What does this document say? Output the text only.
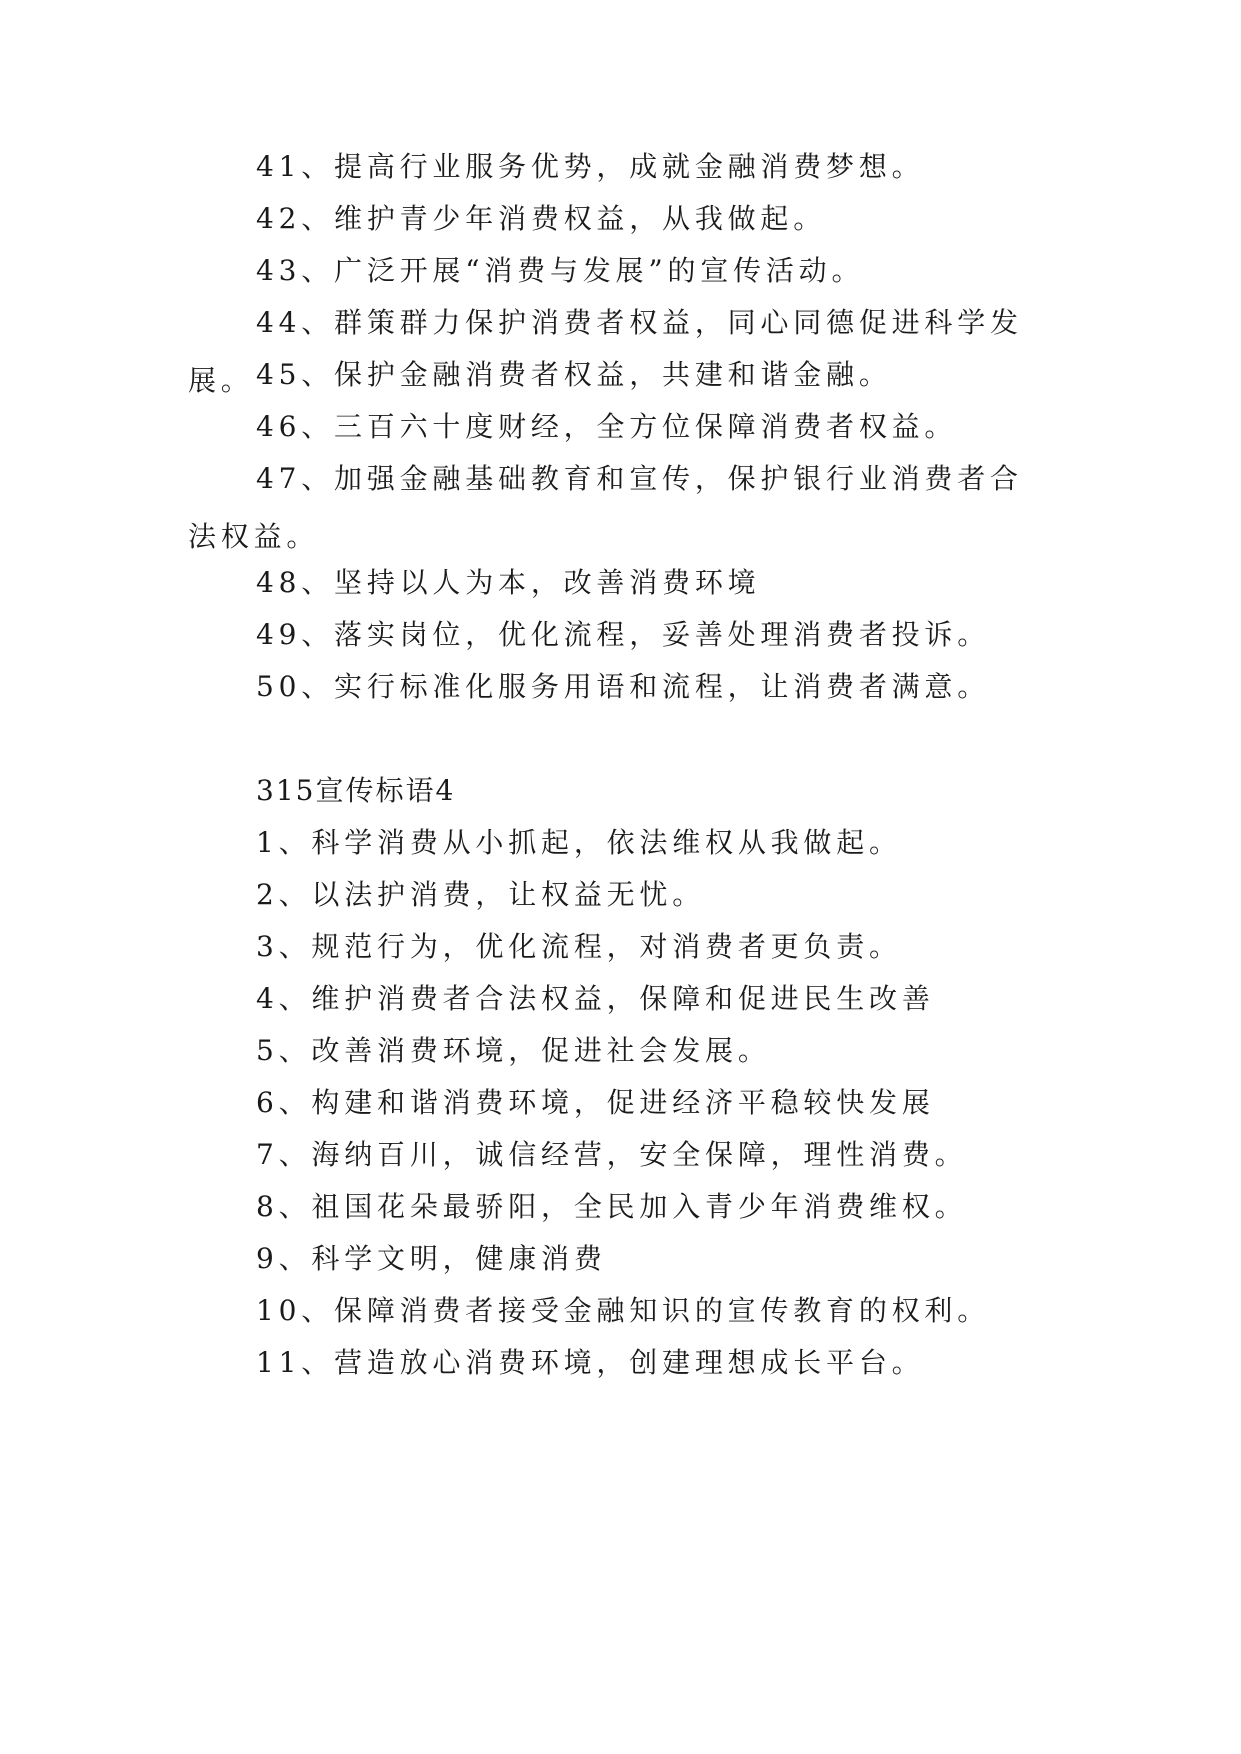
41、提高行业服务优势，成就金融消费梦想。

42、维护青少年消费权益，从我做起。

43、广泛开展“消费与发展”的宣传活动。

44、群策群力保护消费者权益，同心同德促进科学发展。 45、保护金融消费者权益，共建和谐金融。

46、三百六十度财经，全方位保障消费者权益。

47、加强金融基础教育和宣传，保护银行业消费者合法权益。

48、坚持以人为本，改善消费环境

49、落实岗位，优化流程，妥善处理消费者投诉。

50、实行标准化服务用语和流程，让消费者满意。

315宣传标语4

1、科学消费从小抓起，依法维权从我做起。

2、以法护消费，让权益无忧。

3、规范行为，优化流程，对消费者更负责。

4、维护消费者合法权益，保障和促进民生改善

5、改善消费环境，促进社会发展。

6、构建和谐消费环境，促进经济平稳较快发展

7、海纳百川，诚信经营，安全保障，理性消费。

8、祖国花朵最骄阳，全民加入青少年消费维权。

9、科学文明，健康消费

10、保障消费者接受金融知识的宣传教育的权利。

11、营造放心消费环境，创建理想成长平台。
